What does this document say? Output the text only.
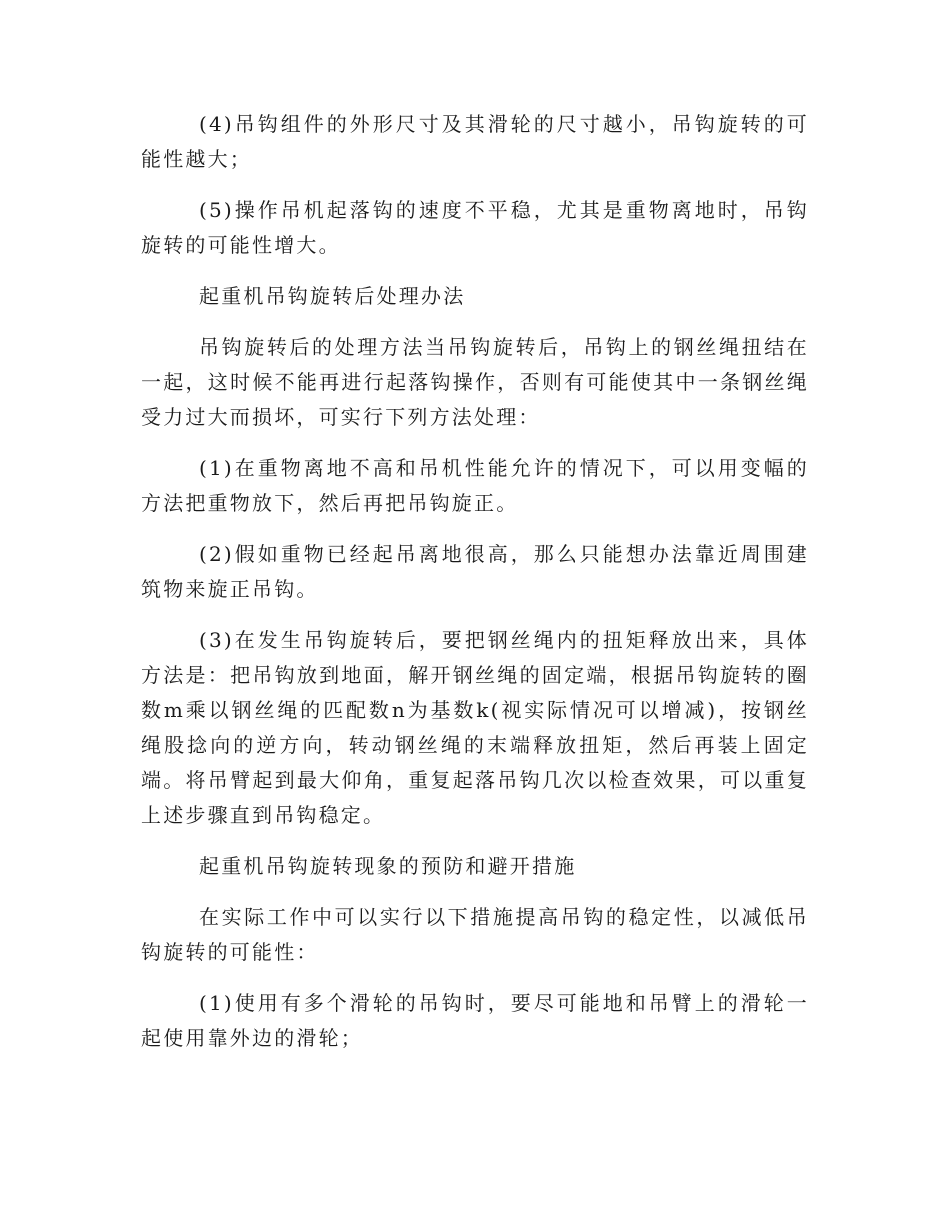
(4)吊钩组件的外形尺寸及其滑轮的尺寸越小，吊钩旋转的可能性越大；

(5)操作吊机起落钩的速度不平稳，尤其是重物离地时，吊钩旋转的可能性增大。

起重机吊钩旋转后处理办法

吊钩旋转后的处理方法当吊钩旋转后，吊钩上的钢丝绳扭结在一起，这时候不能再进行起落钩操作，否则有可能使其中一条钢丝绳受力过大而损坏，可实行下列方法处理：

(1)在重物离地不高和吊机性能允许的情况下，可以用变幅的方法把重物放下，然后再把吊钩旋正。

(2)假如重物已经起吊离地很高，那么只能想办法靠近周围建筑物来旋正吊钩。

(3)在发生吊钩旋转后，要把钢丝绳内的扭矩释放出来，具体方法是：把吊钩放到地面，解开钢丝绳的固定端，根据吊钩旋转的圈数m乘以钢丝绳的匹配数n为基数k(视实际情况可以增减)，按钢丝绳股捻向的逆方向，转动钢丝绳的末端释放扭矩，然后再装上固定端。将吊臂起到最大仰角，重复起落吊钩几次以检查效果，可以重复上述步骤直到吊钩稳定。

起重机吊钩旋转现象的预防和避开措施

在实际工作中可以实行以下措施提高吊钩的稳定性，以减低吊钩旋转的可能性：

(1)使用有多个滑轮的吊钩时，要尽可能地和吊臂上的滑轮一起使用靠外边的滑轮；
